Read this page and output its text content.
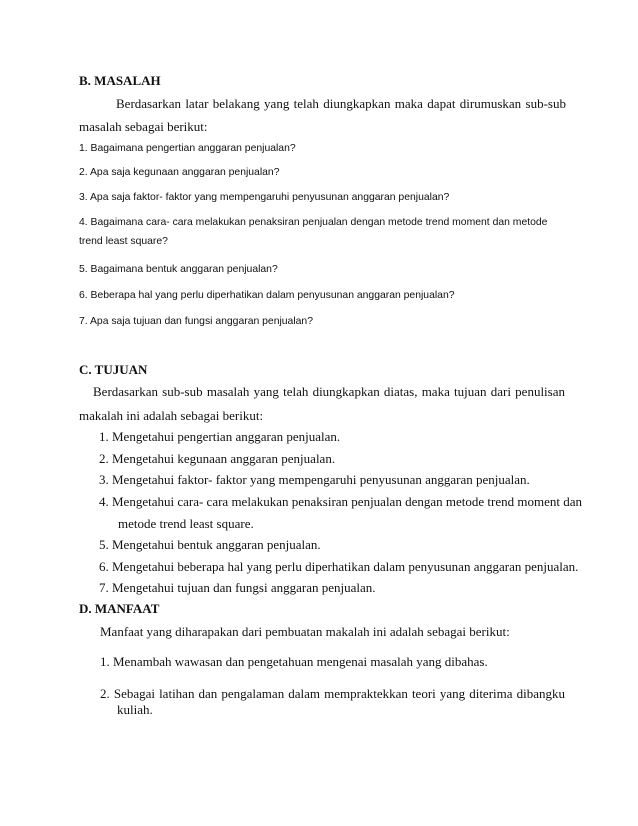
B. MASALAH
Berdasarkan latar belakang yang telah diungkapkan maka dapat dirumuskan sub-sub
masalah sebagai berikut:
1. Bagaimana pengertian anggaran penjualan?
2. Apa saja kegunaan anggaran penjualan?
3. Apa saja faktor- faktor yang mempengaruhi penyusunan anggaran penjualan?
4. Bagaimana cara- cara melakukan penaksiran penjualan dengan metode trend moment dan metode
trend least square?
5. Bagaimana bentuk anggaran penjualan?
6. Beberapa hal yang perlu diperhatikan dalam penyusunan anggaran penjualan?
7. Apa saja tujuan dan fungsi anggaran penjualan?
C. TUJUAN
Berdasarkan sub-sub masalah yang telah diungkapkan diatas, maka tujuan dari penulisan
makalah ini adalah sebagai berikut:
1. Mengetahui pengertian anggaran penjualan.
2. Mengetahui kegunaan anggaran penjualan.
3. Mengetahui faktor- faktor yang mempengaruhi penyusunan anggaran penjualan.
4. Mengetahui cara- cara melakukan penaksiran penjualan dengan metode trend moment dan
metode trend least square.
5. Mengetahui bentuk anggaran penjualan.
6. Mengetahui beberapa hal yang perlu diperhatikan dalam penyusunan anggaran penjualan.
7. Mengetahui tujuan dan fungsi anggaran penjualan.
D. MANFAAT
Manfaat yang diharapakan dari pembuatan makalah ini adalah sebagai berikut:
1. Menambah wawasan dan pengetahuan mengenai masalah yang dibahas.
2. Sebagai latihan dan pengalaman dalam mempraktekkan teori yang diterima dibangku
kuliah.
